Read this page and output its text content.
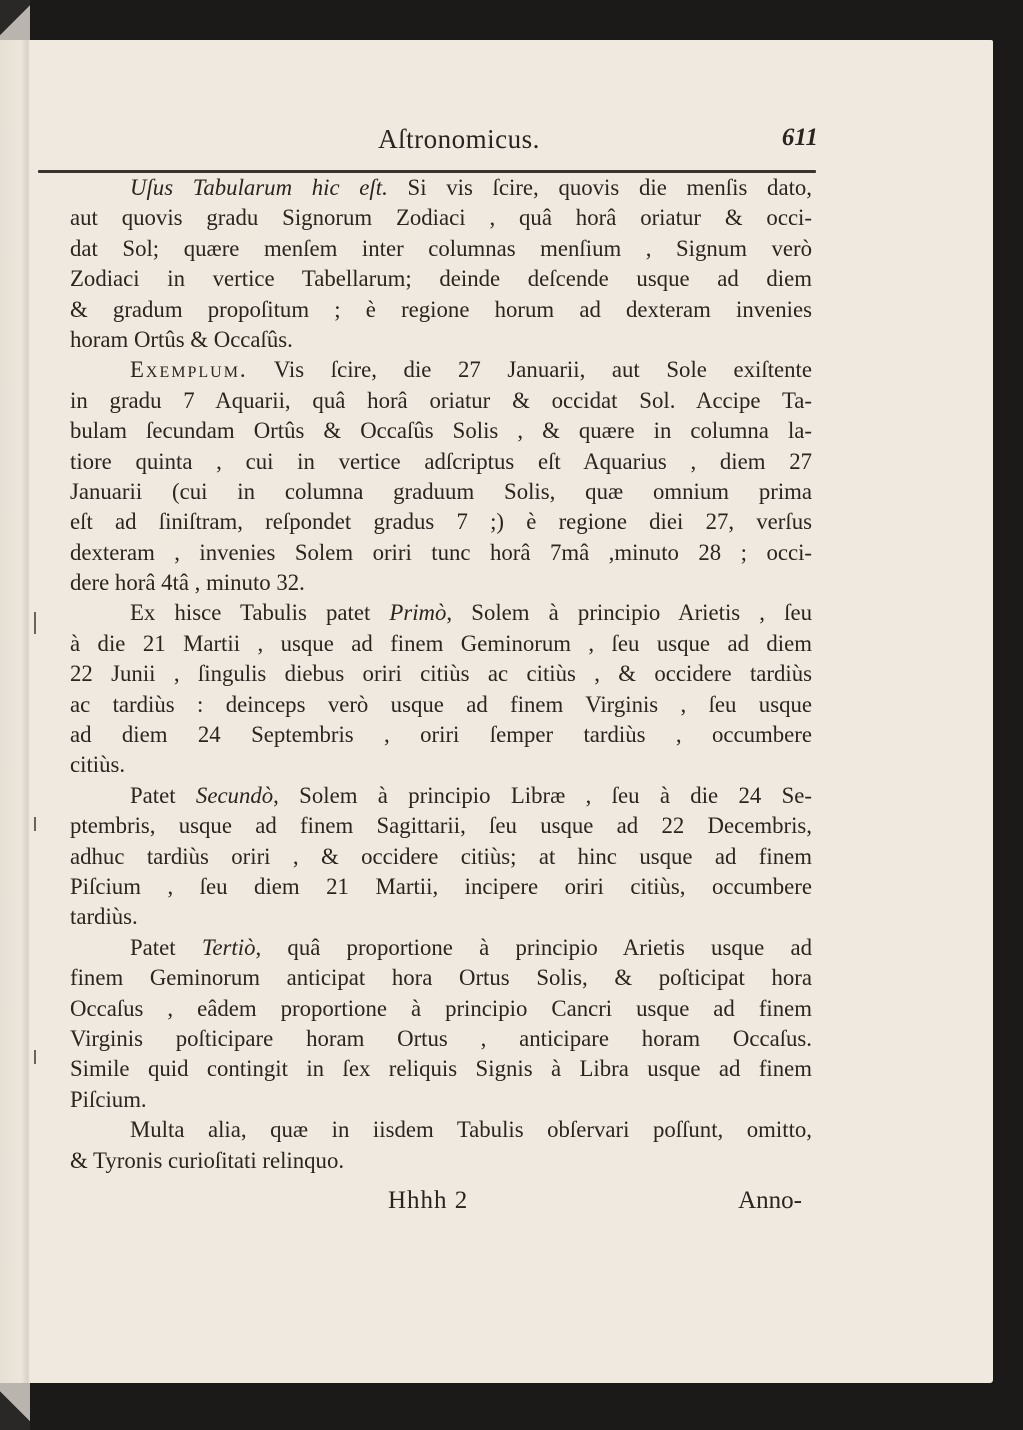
Aſtronomicus.	611
Uſus Tabularum hic eſt. Si vis ſcire, quovis die menſis dato,
aut quovis gradu Signorum Zodiaci , quâ horâ oriatur & occi-
dat Sol; quære menſem inter columnas menſium , Signum verò
Zodiaci in vertice Tabellarum; deinde deſcende usque ad diem
& gradum propoſitum ; è regione horum ad dexteram invenies
horam Ortûs & Occaſûs.
Exemplum. Vis ſcire, die 27 Januarii, aut Sole exiſtente
in gradu 7 Aquarii, quâ horâ oriatur & occidat Sol. Accipe Ta-
bulam ſecundam Ortûs & Occaſûs Solis , & quære in columna la-
tiore quinta , cui in vertice adſcriptus eſt Aquarius , diem 27
Januarii (cui in columna graduum Solis, quæ omnium prima
eſt ad ſiniſtram, reſpondet gradus 7 ;) è regione diei 27, verſus
dexteram , invenies Solem oriri tunc horâ 7mâ ,minuto 28 ; occi-
dere horâ 4tâ , minuto 32.
Ex hisce Tabulis patet Primò, Solem à principio Arietis , ſeu
à die 21 Martii , usque ad finem Geminorum , ſeu usque ad diem
22 Junii , ſingulis diebus oriri citiùs ac citiùs , & occidere tardiùs
ac tardiùs : deinceps verò usque ad finem Virginis , ſeu usque
ad diem 24 Septembris , oriri ſemper tardiùs , occumbere
citiùs.
Patet Secundò, Solem à principio Libræ , ſeu à die 24 Se-
ptembris, usque ad finem Sagittarii, ſeu usque ad 22 Decembris,
adhuc tardiùs oriri , & occidere citiùs; at hinc usque ad finem
Piſcium , ſeu diem 21 Martii, incipere oriri citiùs, occumbere
tardiùs.
Patet Tertiò, quâ proportione à principio Arietis usque ad
finem Geminorum anticipat hora Ortus Solis, & poſticipat hora
Occaſus , eâdem proportione à principio Cancri usque ad finem
Virginis poſticipare horam Ortus , anticipare horam Occaſus.
Simile quid contingit in ſex reliquis Signis à Libra usque ad finem
Piſcium.
Multa alia, quæ in iisdem Tabulis obſervari poſſunt, omitto,
& Tyronis curioſitati relinquo.
Hhhh 2	Anno-
